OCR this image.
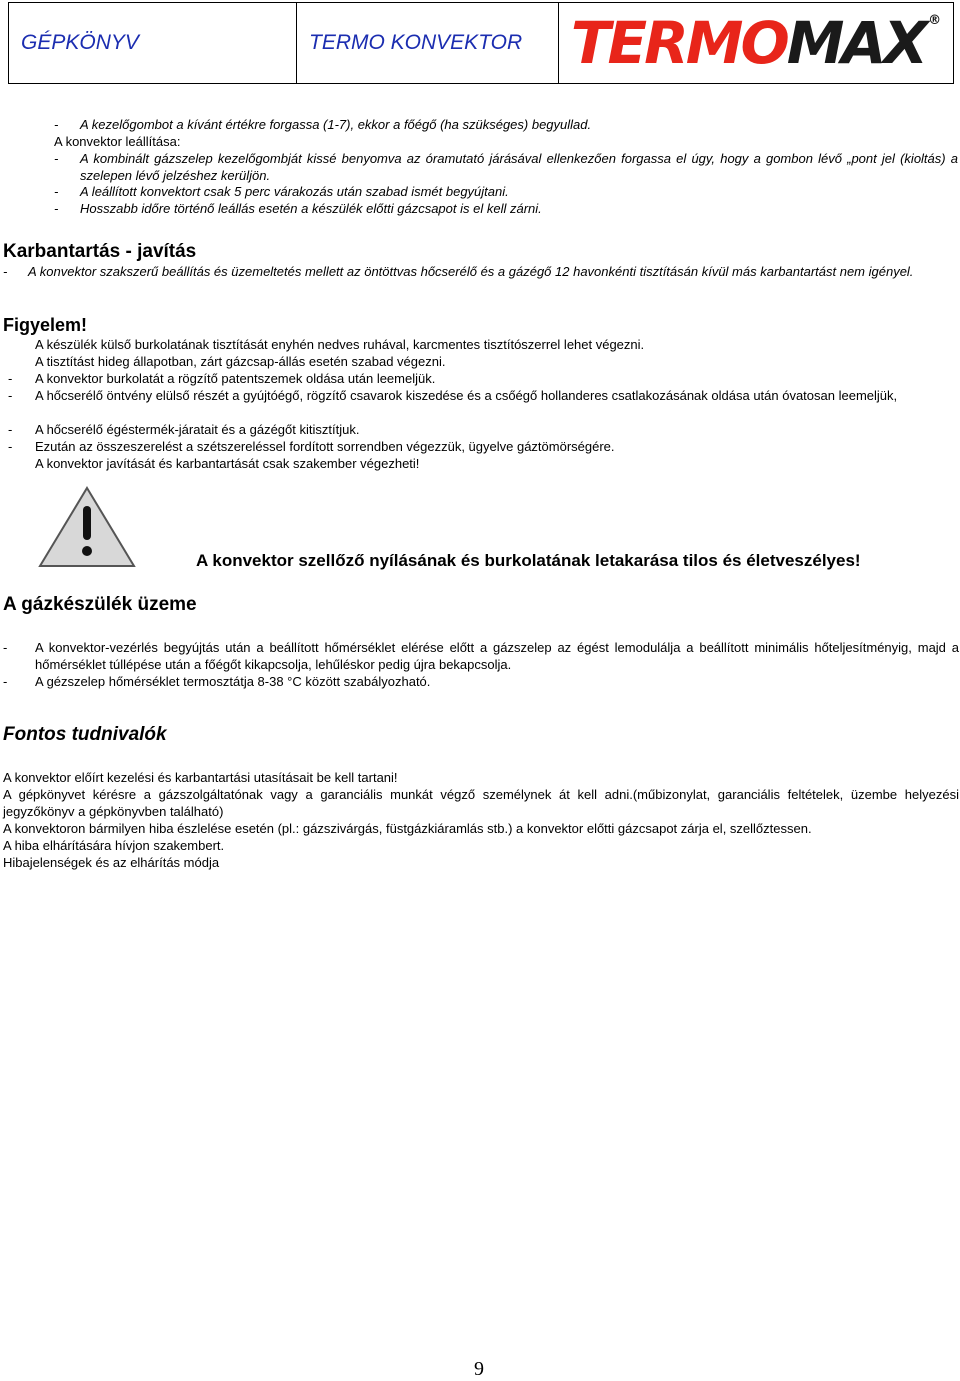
GÉPKÖNYV	TERMO KONVEKTOR TERMO MAX ®
- A kezelőgombot a kívánt értékre forgassa (1-7), ekkor a főégő (ha szükséges) begyullad.
A konvektor leállítása:
- A kombinált gázszelep kezelőgombját kissé benyomva az óramutató járásával ellenkezően forgassa el úgy, hogy a gombon lévő „pont jel (kioltás) a szelepen lévő jelzéshez kerüljön.
- A leállított konvektort csak 5 perc várakozás után szabad ismét begyújtani.
- Hosszabb időre történő leállás esetén a készülék előtti gázcsapot is el kell zárni.
Karbantartás - javítás
- A konvektor szakszerű beállítás és üzemeltetés mellett az öntöttvas hőcserélő és a gázégő 12 havonkénti tisztításán kívül más karbantartást nem igényel.
Figyelem!
A készülék külső burkolatának tisztítását enyhén nedves ruhával, karcmentes tisztítószerrel lehet végezni.
A tisztítást hideg állapotban, zárt gázcsap-állás esetén szabad végezni.
- A konvektor burkolatát a rögzítő patentszemek oldása után leemeljük.
- A hőcserélő öntvény elülső részét a gyújtóégő, rögzítő csavarok kiszedése és a csőégő hollanderes csatlakozásának oldása után óvatosan leemeljük,
- A hőcserélő égéstermék-járatait és a gázégőt kitisztítjuk.
- Ezután az összeszerelést a szétszereléssel fordított sorrendben végezzük, ügyelve gáztömörségére.
A konvektor javítását és karbantartását csak szakember végezheti!
A konvektor szellőző nyílásának és burkolatának letakarása tilos és életveszélyes!
A gázkészülék üzeme
- A konvektor-vezérlés begyújtás után a beállított hőmérséklet elérése előtt a gázszelep az égést lemodulálja a beállított minimális hőteljesítményig, majd a hőmérséklet túllépése után a főégőt kikapcsolja, lehűléskor pedig újra bekapcsolja.
- A gézszelep hőmérséklet termosztátja 8-38 °C között szabályozható.
Fontos tudnivalók
A konvektor előírt kezelési és karbantartási utasításait be kell tartani!
A gépkönyvet kérésre a gázszolgáltatónak vagy a garanciális munkát végző személynek át kell adni.(műbizonylat, garanciális feltételek, üzembe helyezési jegyzőkönyv a gépkönyvben található)
A konvektoron bármilyen hiba észlelése esetén (pl.: gázszivárgás, füstgázkiáramlás stb.) a konvektor előtti gázcsapot zárja el, szellőztessen.
A hiba elhárítására hívjon szakembert.
Hibajelenségek és az elhárítás módja
9
